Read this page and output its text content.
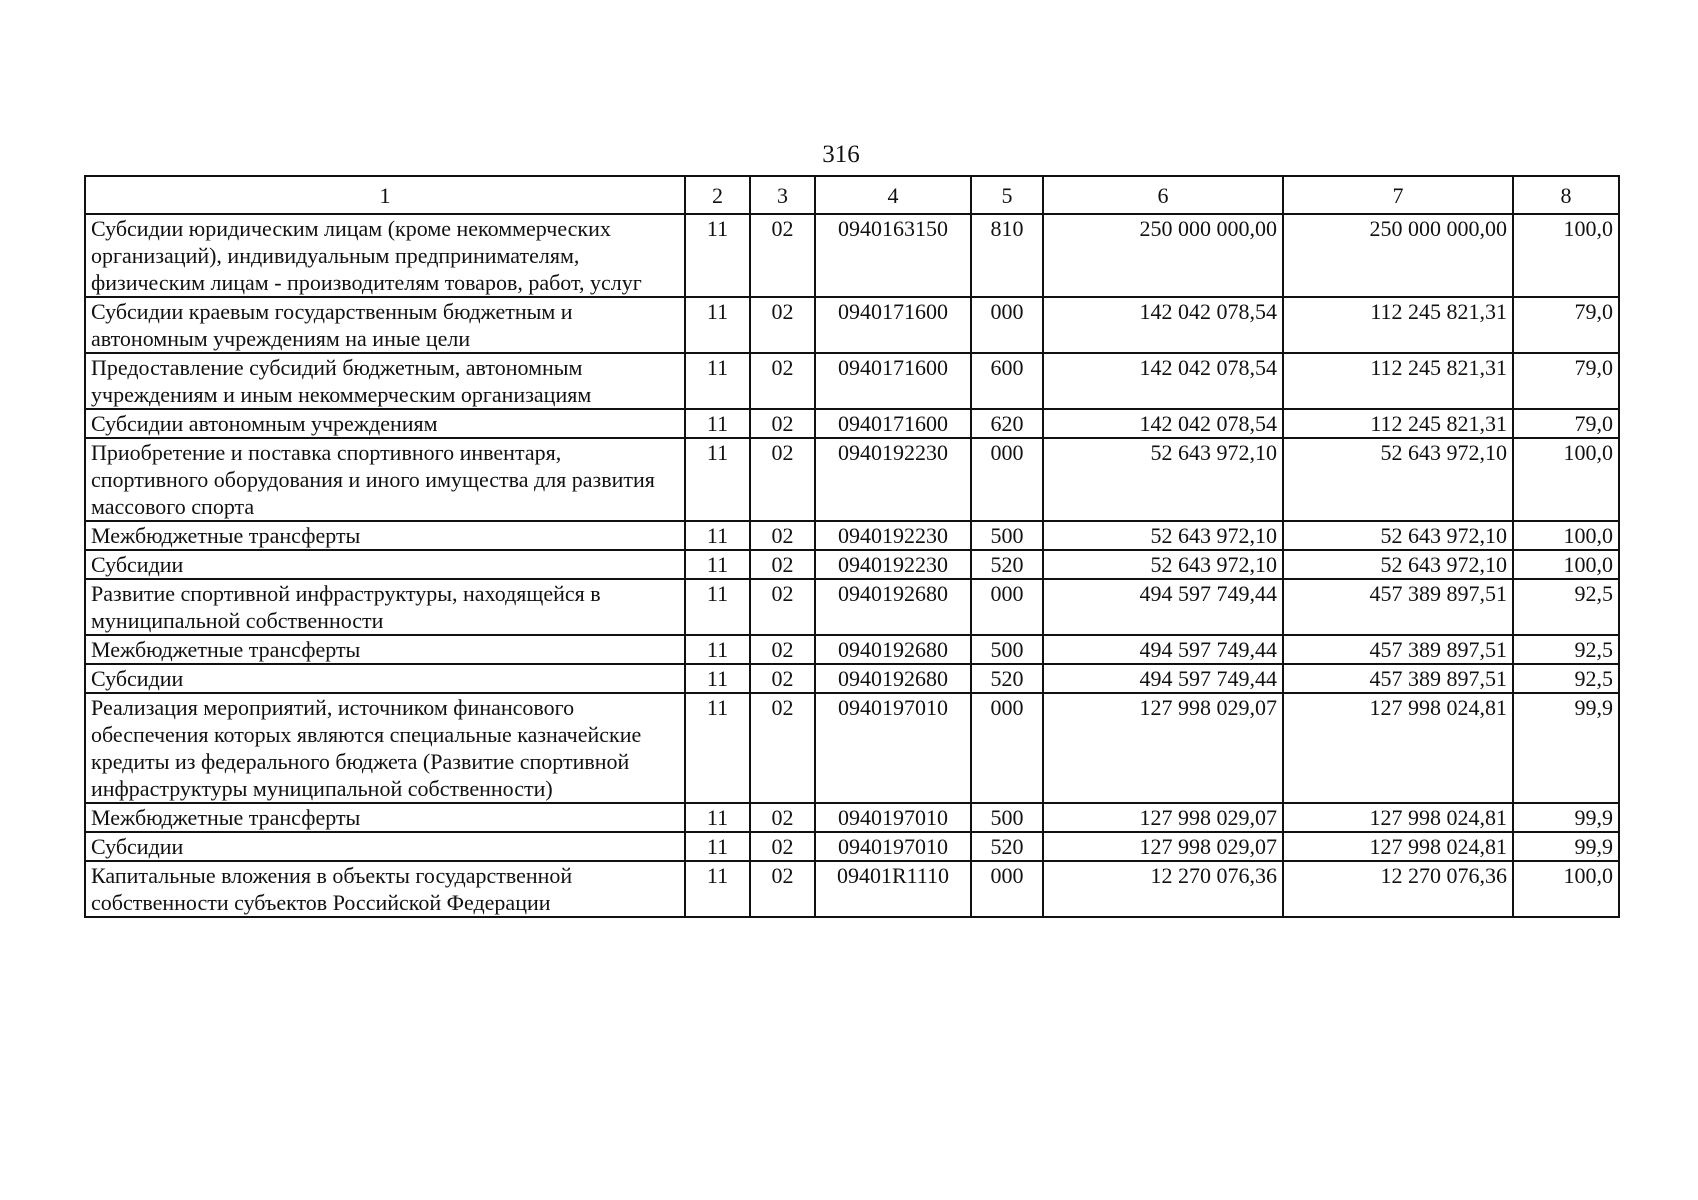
316
1	2	3	4	5	6	7	8
Субсидии юридическим лицам (кроме некоммерческих организаций), индивидуальным предпринимателям, физическим лицам - производителям товаров, работ, услуг	11	02	0940163150	810	250 000 000,00	250 000 000,00	100,0
Субсидии краевым государственным бюджетным и автономным учреждениям на иные цели	11	02	0940171600	000	142 042 078,54	112 245 821,31	79,0
Предоставление субсидий бюджетным, автономным учреждениям и иным некоммерческим организациям	11	02	0940171600	600	142 042 078,54	112 245 821,31	79,0
Субсидии автономным учреждениям	11	02	0940171600	620	142 042 078,54	112 245 821,31	79,0
Приобретение и поставка спортивного инвентаря, спортивного оборудования и иного имущества для развития массового спорта	11	02	0940192230	000	52 643 972,10	52 643 972,10	100,0
Межбюджетные трансферты	11	02	0940192230	500	52 643 972,10	52 643 972,10	100,0
Субсидии	11	02	0940192230	520	52 643 972,10	52 643 972,10	100,0
Развитие спортивной инфраструктуры, находящейся в муниципальной собственности	11	02	0940192680	000	494 597 749,44	457 389 897,51	92,5
Межбюджетные трансферты	11	02	0940192680	500	494 597 749,44	457 389 897,51	92,5
Субсидии	11	02	0940192680	520	494 597 749,44	457 389 897,51	92,5
Реализация мероприятий, источником финансового обеспечения которых являются специальные казначейские кредиты из федерального бюджета (Развитие спортивной инфраструктуры муниципальной собственности)	11	02	0940197010	000	127 998 029,07	127 998 024,81	99,9
Межбюджетные трансферты	11	02	0940197010	500	127 998 029,07	127 998 024,81	99,9
Субсидии	11	02	0940197010	520	127 998 029,07	127 998 024,81	99,9
Капитальные вложения в объекты государственной собственности субъектов Российской Федерации	11	02	09401R1110	000	12 270 076,36	12 270 076,36	100,0
